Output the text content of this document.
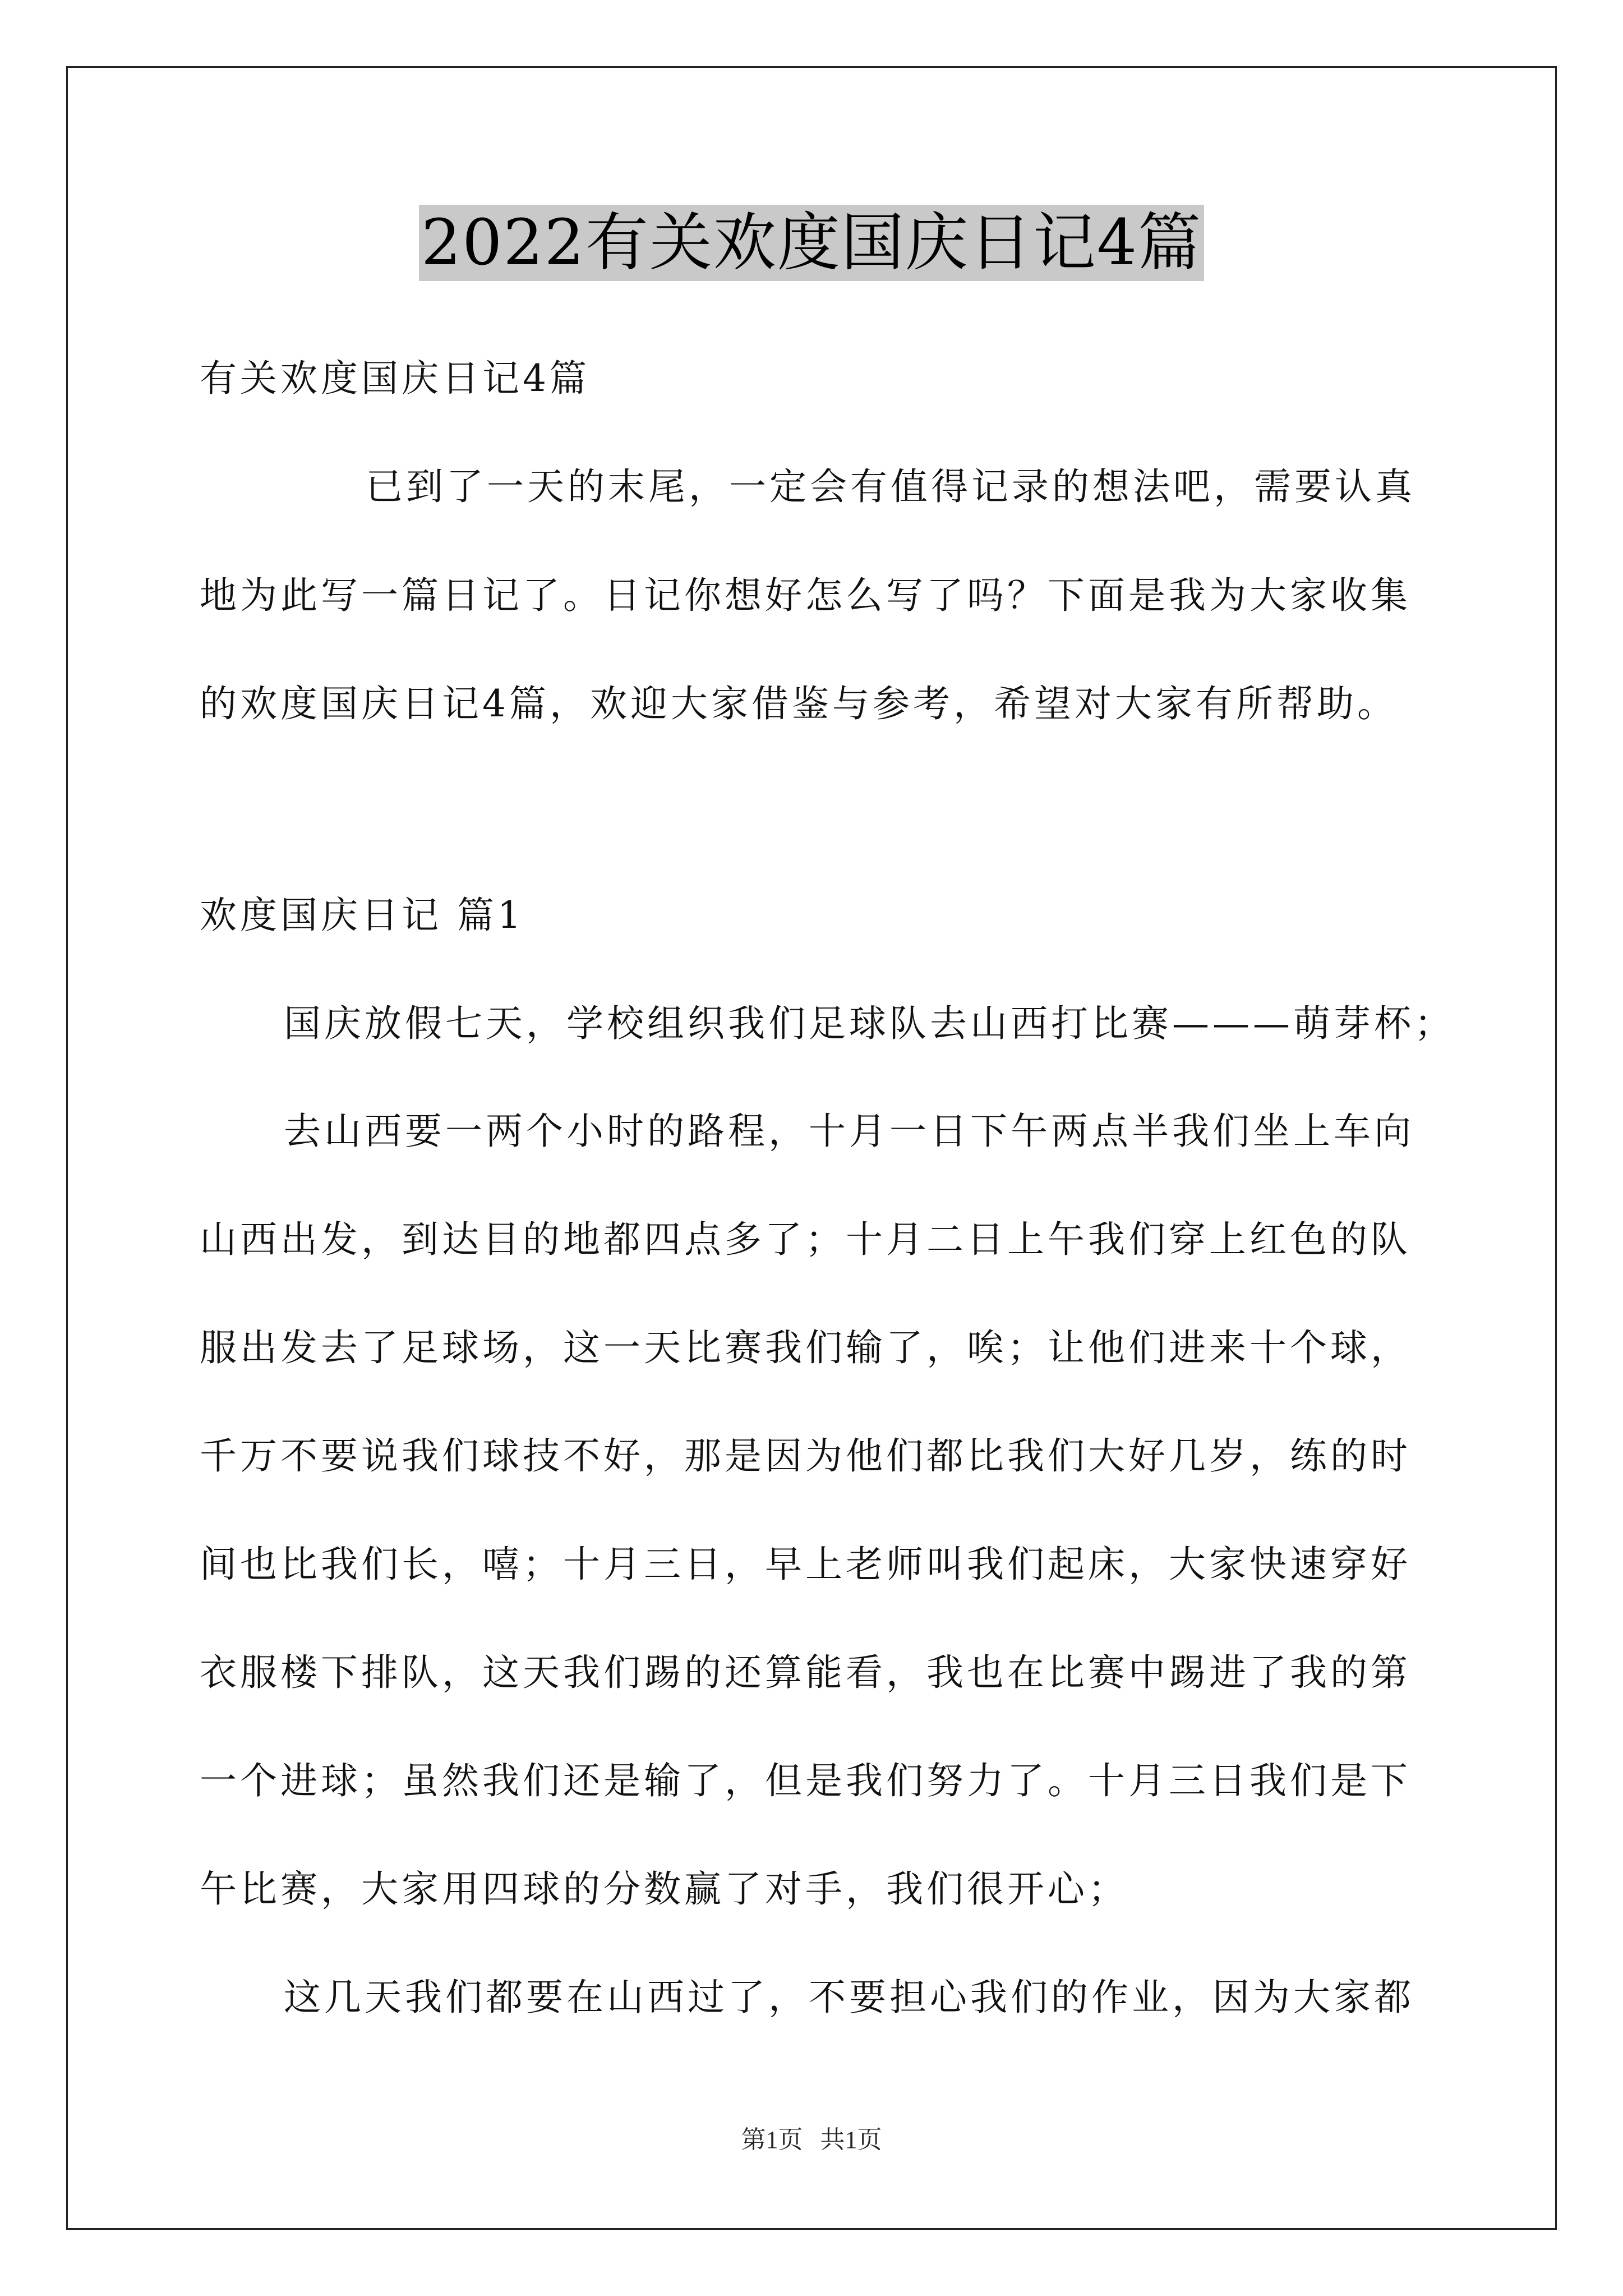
2022有关欢度国庆日记4篇
有关欢度国庆日记4篇
已到了一天的末尾，一定会有值得记录的想法吧，需要认真
地为此写一篇日记了。日记你想好怎么写了吗？下面是我为大家收集
的欢度国庆日记4篇，欢迎大家借鉴与参考，希望对大家有所帮助。
欢度国庆日记 篇1
国庆放假七天，学校组织我们足球队去山西打比赛———萌芽杯；
去山西要一两个小时的路程，十月一日下午两点半我们坐上车向
山西出发，到达目的地都四点多了；十月二日上午我们穿上红色的队
服出发去了足球场，这一天比赛我们输了，唉；让他们进来十个球，
千万不要说我们球技不好，那是因为他们都比我们大好几岁，练的时
间也比我们长，嘻；十月三日，早上老师叫我们起床，大家快速穿好
衣服楼下排队，这天我们踢的还算能看，我也在比赛中踢进了我的第
一个进球；虽然我们还是输了，但是我们努力了。十月三日我们是下
午比赛，大家用四球的分数赢了对手，我们很开心；
这几天我们都要在山西过了，不要担心我们的作业，因为大家都
第1页 共1页
